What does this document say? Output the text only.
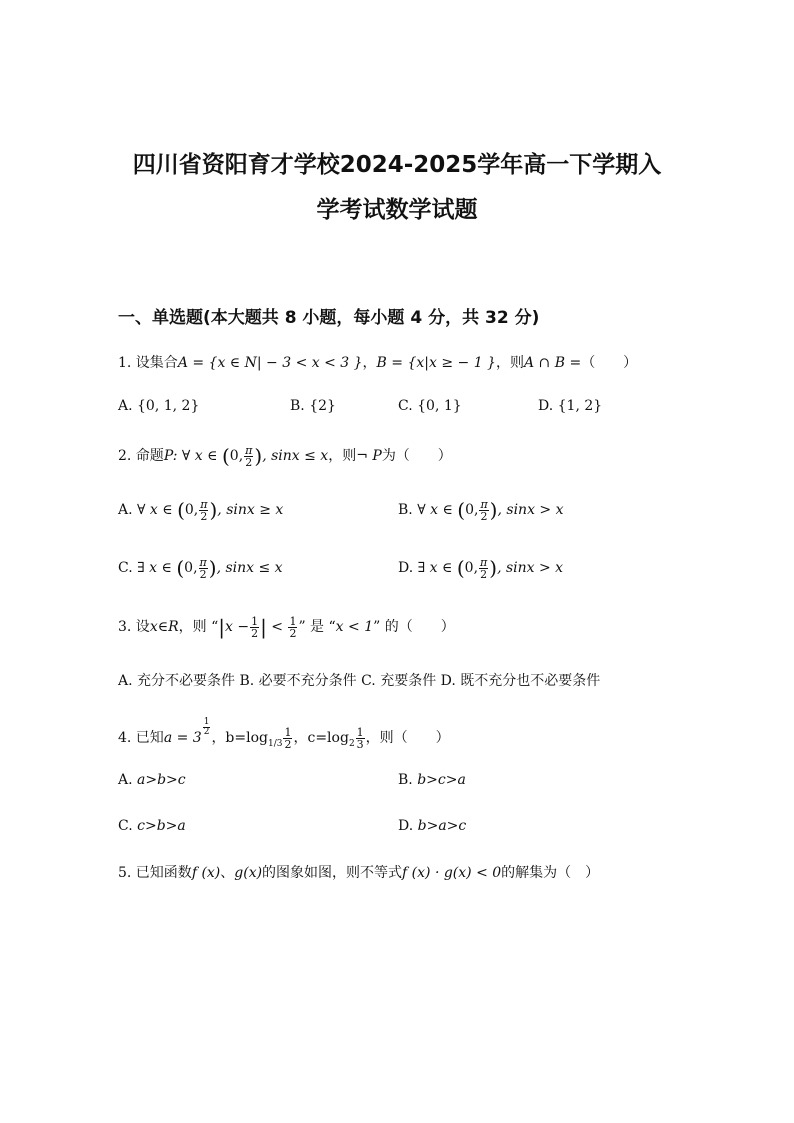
四川省资阳育才学校2024-2025学年高一下学期入
学考试数学试题
一、单选题(本大题共 8 小题，每小题 4 分，共 32 分)
1. 设集合A = {x ∈ N| − 3 < x < 3 }，B = {x|x ≥ − 1 }，则A ∩ B =（　　）
A. {0, 1, 2}	B. {2}	C. {0, 1}	D. {1, 2}
2. 命题P: ∀ x ∈ (0, $\frac{\pi}{2}$ ), sinx ≤ x，则¬ P为（　　）
A. ∀ x ∈ (0, $\frac{\pi}{2}$ ), sinx ≥ x	B. ∀ x ∈ (0, $\frac{\pi}{2}$ ), sinx > x
C. ∃ x ∈ (0, $\frac{\pi}{2}$ ), sinx ≤ x	D. ∃ x ∈ (0, $\frac{\pi}{2}$ ), sinx > x
3. 设x∈R，则 “$|x - \frac{1}{2}$ | < $\frac{1}{2}$ ” 是 “x < 1” 的（　　）
A. 充分不必要条件 B. 必要不充分条件 C. 充要条件 D. 既不充分也不必要条件
4. 已知a = 3
$\frac{1}{2}$
，$b=\log_{1/3} \frac{1}{2}$ ，$c=\log_2 \frac{1}{3}$ ，则（　　）
A. a>b>c	B. b>c>a
C. c>b>a	D. b>a>c
5. 已知函数f (x)、g(x)的图象如图，则不等式f (x) · g(x) < 0的解集为（　）
